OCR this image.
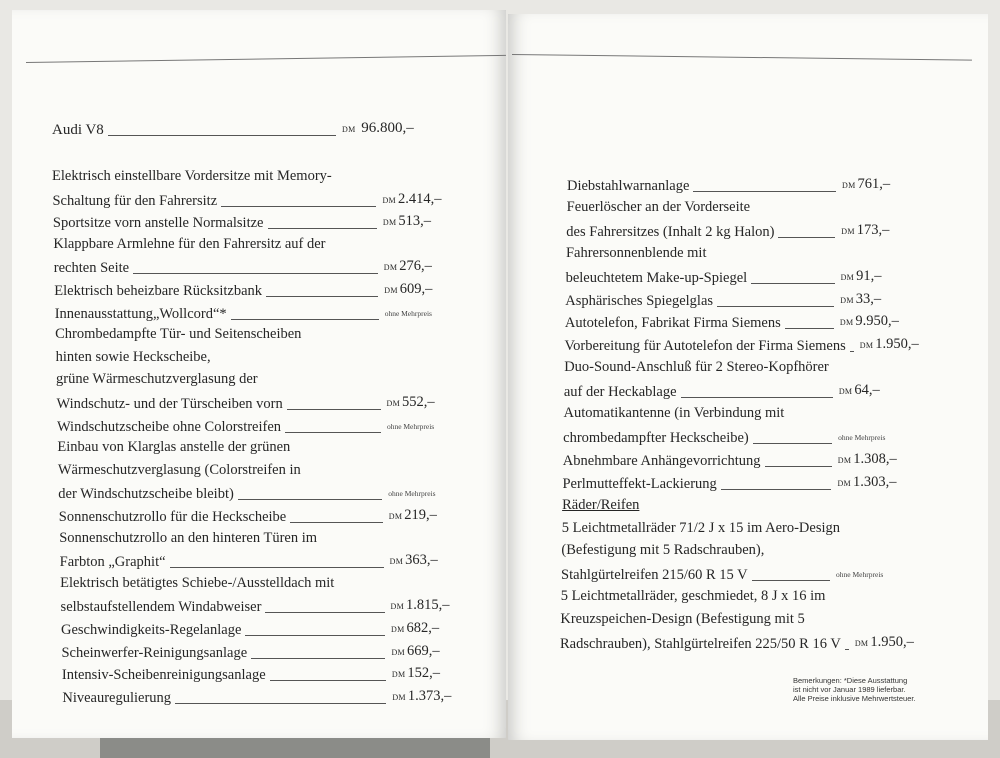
Audi V8	DM 96.800,–
Elektrisch einstellbare Vordersitze mit Memory-
Schaltung für den Fahrersitz	DM 2.414,–
Sportsitze vorn anstelle Normalsitze	DM 513,–
Klappbare Armlehne für den Fahrersitz auf der
rechten Seite	DM 276,–
Elektrisch beheizbare Rücksitzbank	DM 609,–
Innenausstattung„Wollcord“*	ohne Mehrpreis
Chrombedampfte Tür- und Seitenscheiben
hinten sowie Heckscheibe,
grüne Wärmeschutzverglasung der
Windschutz- und der Türscheiben vorn	DM 552,–
Windschutzscheibe ohne Colorstreifen	ohne Mehrpreis
Einbau von Klarglas anstelle der grünen
Wärmeschutzverglasung (Colorstreifen in
der Windschutzscheibe bleibt)	ohne Mehrpreis
Sonnenschutzrollo für die Heckscheibe	DM 219,–
Sonnenschutzrollo an den hinteren Türen im
Farbton „Graphit“	DM 363,–
Elektrisch betätigtes Schiebe-/Ausstelldach mit
selbstaufstellendem Windabweiser	DM 1.815,–
Geschwindigkeits-Regelanlage	DM 682,–
Scheinwerfer-Reinigungsanlage	DM 669,–
Intensiv-Scheibenreinigungsanlage	DM 152,–
Niveauregulierung	DM 1.373,–
Diebstahlwarnanlage	DM 761,–
Feuerlöscher an der Vorderseite
des Fahrersitzes (Inhalt 2 kg Halon)	DM 173,–
Fahrersonnenblende mit
beleuchtetem Make-up-Spiegel	DM 91,–
Asphärisches Spiegelglas	DM 33,–
Autotelefon, Fabrikat Firma Siemens	DM 9.950,–
Vorbereitung für Autotelefon der Firma Siemens DM 1.950,–
Duo-Sound-Anschluß für 2 Stereo-Kopfhörer
auf der Heckablage	DM 64,–
Automatikantenne (in Verbindung mit
chrombedampfter Heckscheibe)	ohne Mehrpreis
Abnehmbare Anhängevorrichtung	DM 1.308,–
Perlmutteffekt-Lackierung	DM 1.303,–
Räder/Reifen
5 Leichtmetallräder 71/2 J x 15 im Aero-Design
(Befestigung mit 5 Radschrauben),
Stahlgürtelreifen 215/60 R 15 V	ohne Mehrpreis
5 Leichtmetallräder, geschmiedet, 8 J x 16 im
Kreuzspeichen-Design (Befestigung mit 5
Radschrauben), Stahlgürtelreifen 225/50 R 16 V DM 1.950,–
Bemerkungen: *Diese Ausstattung
ist nicht vor Januar 1989 lieferbar.
Alle Preise inklusive Mehrwertsteuer.
